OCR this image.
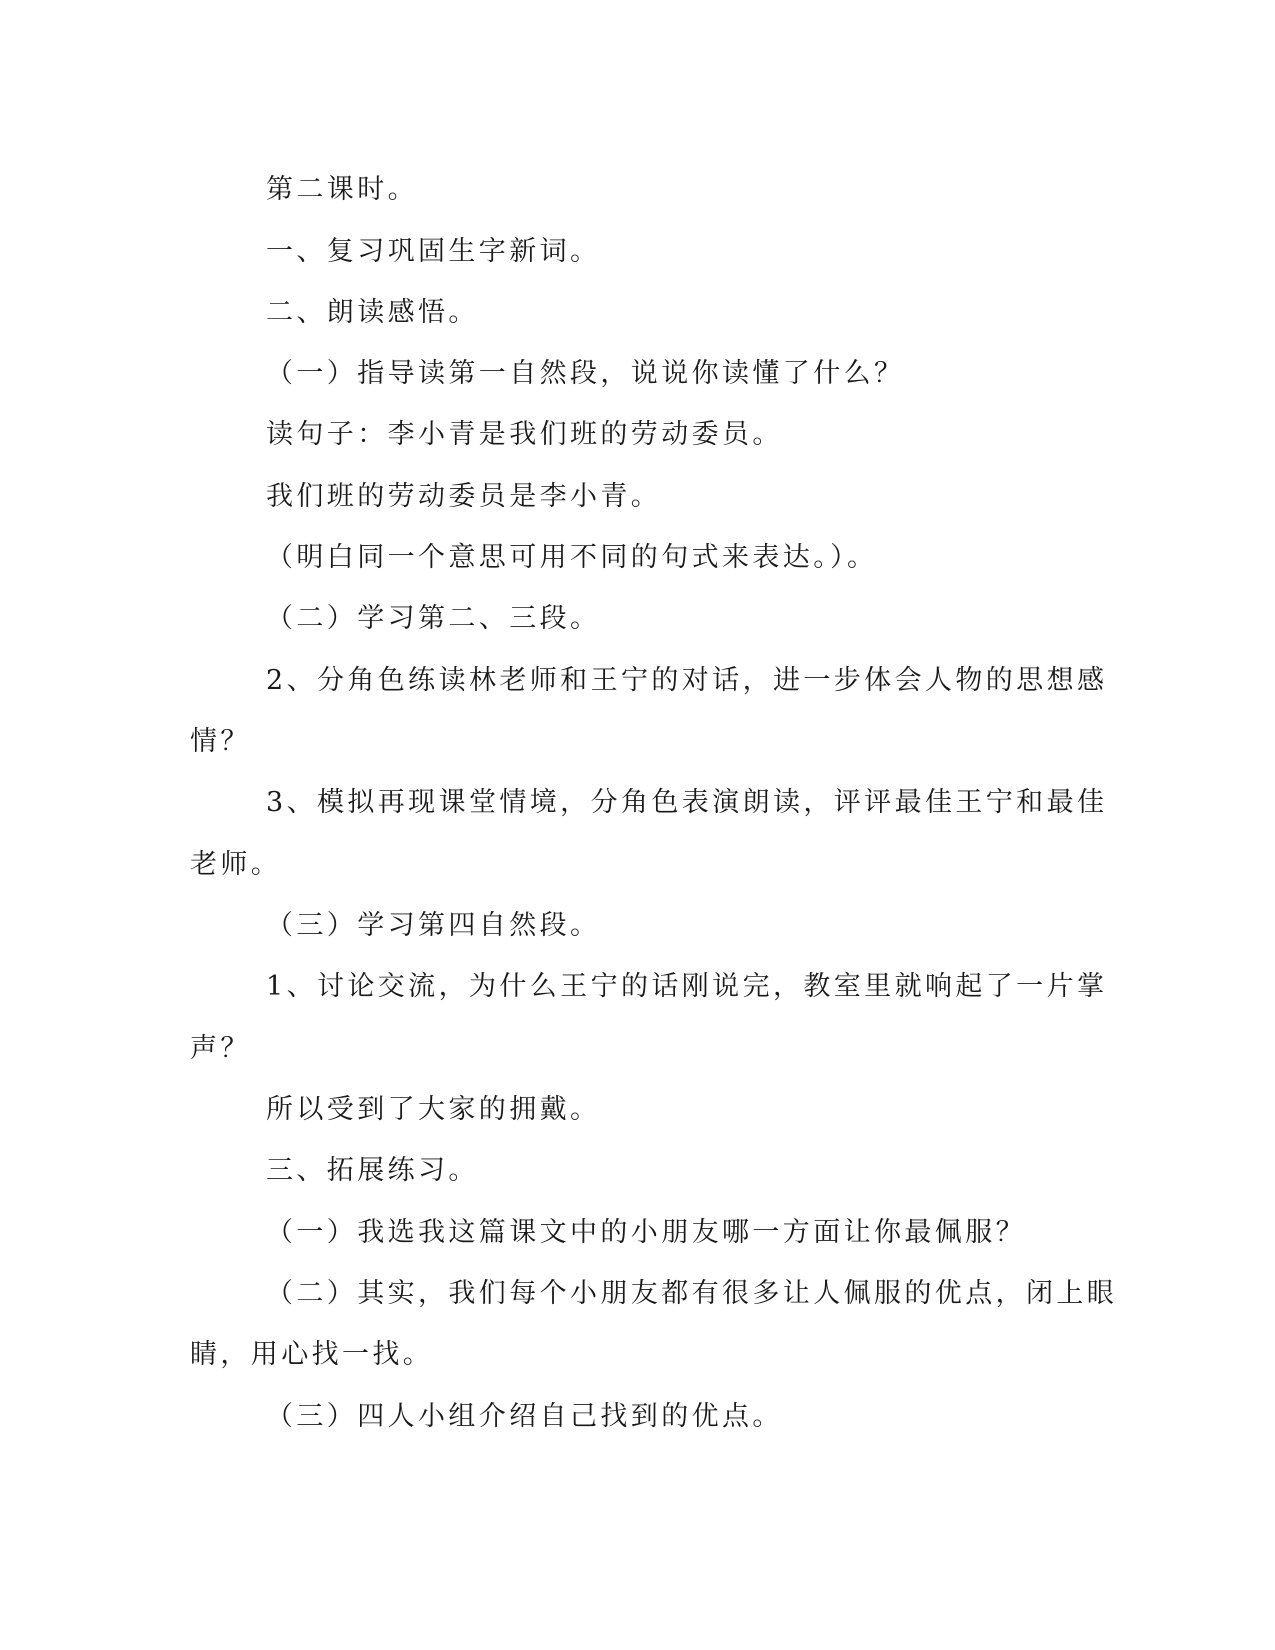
第二课时。
一、复习巩固生字新词。
二、朗读感悟。
（一）指导读第一自然段，说说你读懂了什么？
读句子：李小青是我们班的劳动委员。
我们班的劳动委员是李小青。
（明白同一个意思可用不同的句式来表达。）。
（二）学习第二、三段。
2、分角色练读林老师和王宁的对话，进一步体会人物的思想感
情？
3、模拟再现课堂情境，分角色表演朗读，评评最佳王宁和最佳
老师。
（三）学习第四自然段。
1、讨论交流，为什么王宁的话刚说完，教室里就响起了一片掌
声？
所以受到了大家的拥戴。
三、拓展练习。
（一）我选我这篇课文中的小朋友哪一方面让你最佩服？
（二）其实，我们每个小朋友都有很多让人佩服的优点，闭上眼
睛，用心找一找。
（三）四人小组介绍自己找到的优点。
